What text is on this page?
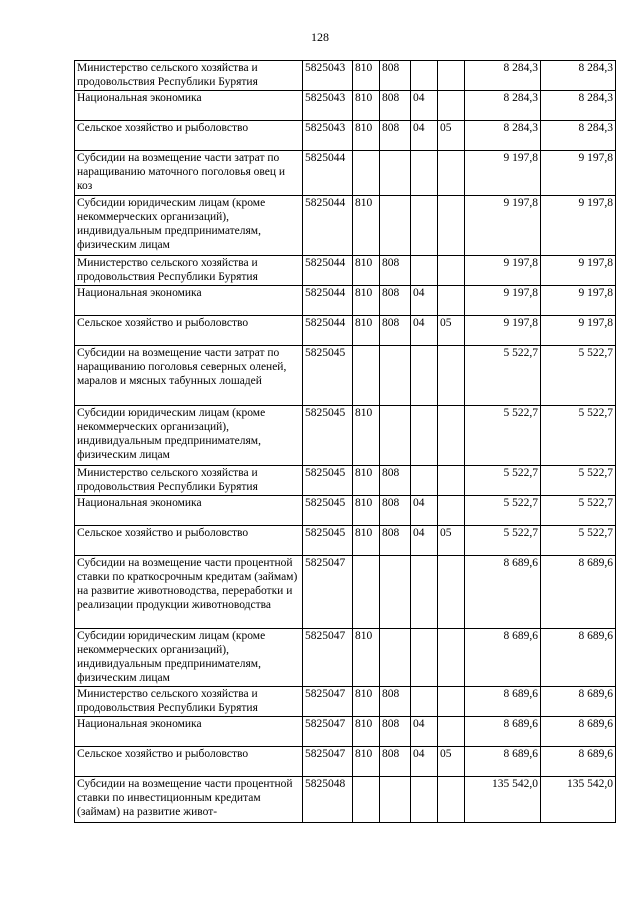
128
Министерство сельского хозяйства и продовольствия Республики Бурятия	5825043	810	808			8 284,3	8 284,3
Национальная экономика	5825043	810	808	04		8 284,3	8 284,3
Сельское хозяйство и рыболовство	5825043	810	808	04	05	8 284,3	8 284,3
Субсидии на возмещение части затрат по наращиванию маточного поголовья овец и коз	5825044					9 197,8	9 197,8
Субсидии юридическим лицам (кроме некоммерческих организаций), индивидуальным предпринимателям, физическим лицам	5825044	810				9 197,8	9 197,8
Министерство сельского хозяйства и продовольствия Республики Бурятия	5825044	810	808			9 197,8	9 197,8
Национальная экономика	5825044	810	808	04		9 197,8	9 197,8
Сельское хозяйство и рыболовство	5825044	810	808	04	05	9 197,8	9 197,8
Субсидии на возмещение части затрат по наращиванию поголовья северных оленей, маралов и мясных табунных лошадей	5825045					5 522,7	5 522,7
Субсидии юридическим лицам (кроме некоммерческих организаций), индивидуальным предпринимателям, физическим лицам	5825045	810				5 522,7	5 522,7
Министерство сельского хозяйства и продовольствия Республики Бурятия	5825045	810	808			5 522,7	5 522,7
Национальная экономика	5825045	810	808	04		5 522,7	5 522,7
Сельское хозяйство и рыболовство	5825045	810	808	04	05	5 522,7	5 522,7
Субсидии на возмещение части процентной ставки по краткосрочным кредитам (займам) на развитие животноводства, переработки и реализации продукции животноводства	5825047					8 689,6	8 689,6
Субсидии юридическим лицам (кроме некоммерческих организаций), индивидуальным предпринимателям, физическим лицам	5825047	810				8 689,6	8 689,6
Министерство сельского хозяйства и продовольствия Республики Бурятия	5825047	810	808			8 689,6	8 689,6
Национальная экономика	5825047	810	808	04		8 689,6	8 689,6
Сельское хозяйство и рыболовство	5825047	810	808	04	05	8 689,6	8 689,6
Субсидии на возмещение части процентной ставки по инвестиционным кредитам (займам) на развитие живот-	5825048					135 542,0	135 542,0
